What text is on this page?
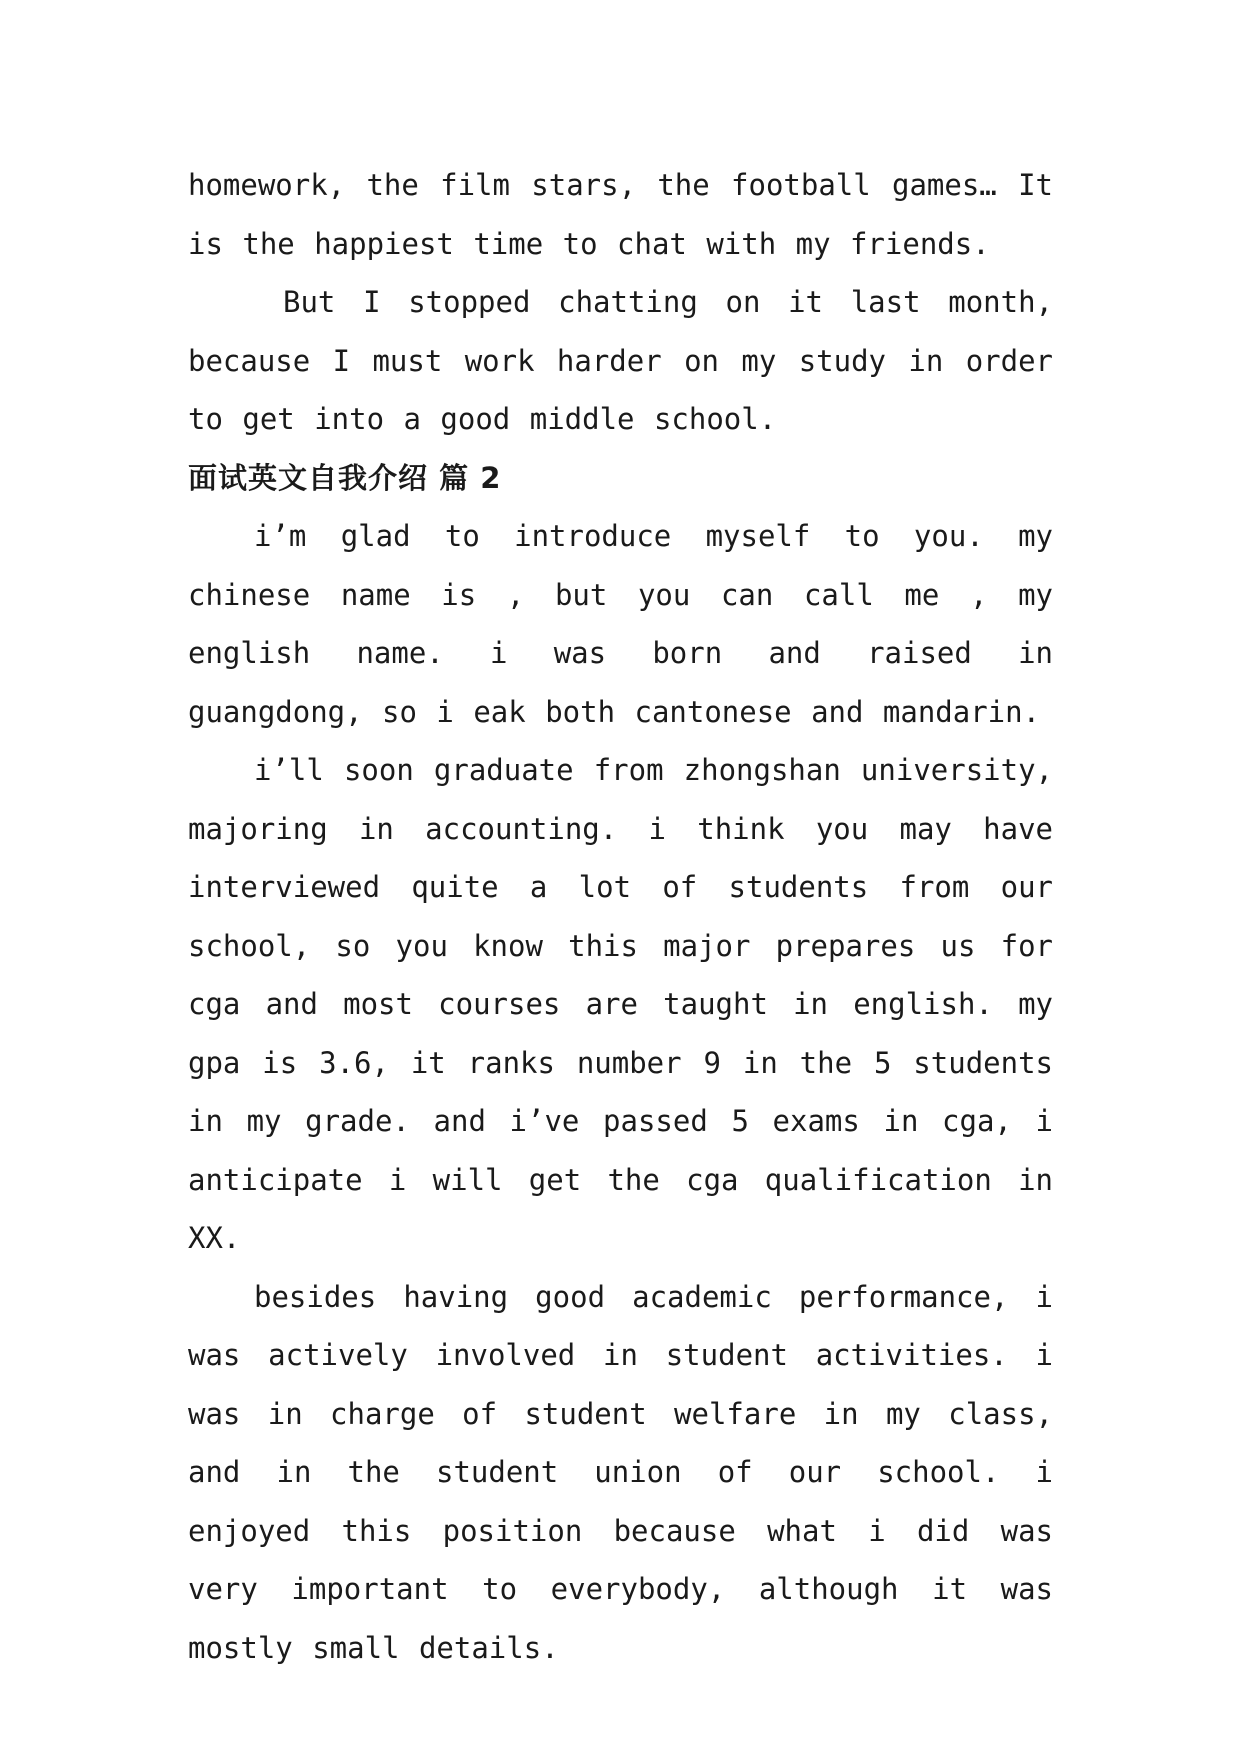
homework, the film stars, the football games… It is the happiest time to chat with my friends.

But I stopped chatting on it last month, because I must work harder on my study in order to get into a good middle school.

面试英文自我介绍 篇 2

i’m glad to introduce myself to you. my chinese name is , but you can call me , my english name. i was born and raised in guangdong, so i eak both cantonese and mandarin.

i’ll soon graduate from zhongshan university, majoring in accounting. i think you may have interviewed quite a lot of students from our school, so you know this major prepares us for cga and most courses are taught in english. my gpa is 3.6, it ranks number 9 in the 5 students in my grade. and i’ve passed 5 exams in cga, i anticipate i will get the cga qualification in XX.

besides having good academic performance, i was actively involved in student activities. i was in charge of student welfare in my class, and in the student union of our school. i enjoyed this position because what i did was very important to everybody, although it was mostly small details.
